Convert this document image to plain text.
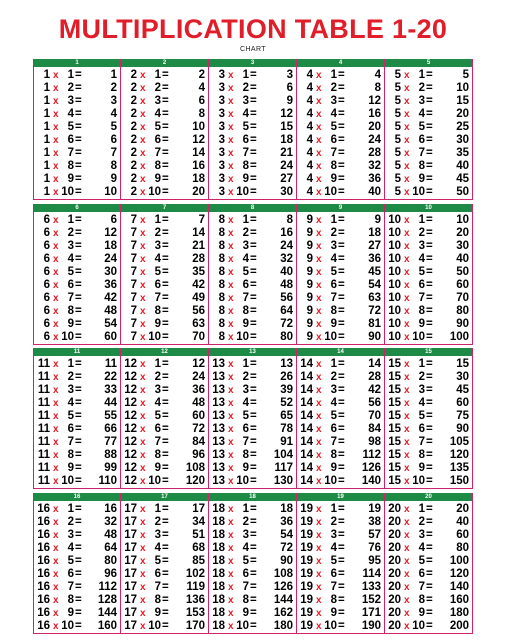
MULTIPLICATION TABLE 1-20
CHART
1
1 x 1 =	1
1 x 2 =	2
1 x 3 =	3
1 x 4 =	4
1 x 5 =	5
1 x 6 =	6
1 x 7 =	7
1 x 8 =	8
1 x 9 =	9
1 x 10 = 10
2
2 x 1 =	2
2 x 2 =	4
2 x 3 =	6
2 x 4 =	8
2 x 5 = 10
2 x 6 = 12
2 x 7 = 14
2 x 8 = 16
2 x 9 = 18
2 x 10 = 20
3
3 x 1 =	3
3 x 2 =	6
3 x 3 =	9
3 x 4 = 12
3 x 5 = 15
3 x 6 = 18
3 x 7 = 21
3 x 8 = 24
3 x 9 = 27
3 x 10 = 30
4
4 x 1 =	4
4 x 2 =	8
4 x 3 = 12
4 x 4 = 16
4 x 5 = 20
4 x 6 = 24
4 x 7 = 28
4 x 8 = 32
4 x 9 = 36
4 x 10 = 40
5
5 x 1 =	5
5 x 2 = 10
5 x 3 = 15
5 x 4 = 20
5 x 5 = 25
5 x 6 = 30
5 x 7 = 35
5 x 8 = 40
5 x 9 = 45
5 x 10 = 50
6
6 x 1 =	6
6 x 2 = 12
6 x 3 = 18
6 x 4 = 24
6 x 5 = 30
6 x 6 = 36
6 x 7 = 42
6 x 8 = 48
6 x 9 = 54
6 x 10 = 60
7
7 x 1 =	7
7 x 2 = 14
7 x 3 = 21
7 x 4 = 28
7 x 5 = 35
7 x 6 = 42
7 x 7 = 49
7 x 8 = 56
7 x 9 = 63
7 x 10 = 70
8
8 x 1 =	8
8 x 2 = 16
8 x 3 = 24
8 x 4 = 32
8 x 5 = 40
8 x 6 = 48
8 x 7 = 56
8 x 8 = 64
8 x 9 = 72
8 x 10 = 80
9
9 x 1 =	9
9 x 2 = 18
9 x 3 = 27
9 x 4 = 36
9 x 5 = 45
9 x 6 = 54
9 x 7 = 63
9 x 8 = 72
9 x 9 = 81
9 x 10 = 90
10
10 x 1 = 10
10 x 2 = 20
10 x 3 = 30
10 x 4 = 40
10 x 5 = 50
10 x 6 = 60
10 x 7 = 70
10 x 8 = 80
10 x 9 = 90
10 x 10 = 100
11
11 x 1 = 11
11 x 2 = 22
11 x 3 = 33
11 x 4 = 44
11 x 5 = 55
11 x 6 = 66
11 x 7 = 77
11 x 8 = 88
11 x 9 = 99
11 x 10 = 110
12
12 x 1 = 12
12 x 2 = 24
12 x 3 = 36
12 x 4 = 48
12 x 5 = 60
12 x 6 = 72
12 x 7 = 84
12 x 8 = 96
12 x 9 = 108
12 x 10 = 120
13
13 x 1 = 13
13 x 2 = 26
13 x 3 = 39
13 x 4 = 52
13 x 5 = 65
13 x 6 = 78
13 x 7 = 91
13 x 8 = 104
13 x 9 = 117
13 x 10 = 130
14
14 x 1 = 14
14 x 2 = 28
14 x 3 = 42
14 x 4 = 56
14 x 5 = 70
14 x 6 = 84
14 x 7 = 98
14 x 8 = 112
14 x 9 = 126
14 x 10 = 140
15
15 x 1 = 15
15 x 2 = 30
15 x 3 = 45
15 x 4 = 60
15 x 5 = 75
15 x 6 = 90
15 x 7 = 105
15 x 8 = 120
15 x 9 = 135
15 x 10 = 150
16
16 x 1 = 16
16 x 2 = 32
16 x 3 = 48
16 x 4 = 64
16 x 5 = 80
16 x 6 = 96
16 x 7 = 112
16 x 8 = 128
16 x 9 = 144
16 x 10 = 160
17
17 x 1 = 17
17 x 2 = 34
17 x 3 = 51
17 x 4 = 68
17 x 5 = 85
17 x 6 = 102
17 x 7 = 119
17 x 8 = 136
17 x 9 = 153
17 x 10 = 170
18
18 x 1 = 18
18 x 2 = 36
18 x 3 = 54
18 x 4 = 72
18 x 5 = 90
18 x 6 = 108
18 x 7 = 126
18 x 8 = 144
18 x 9 = 162
18 x 10 = 180
19
19 x 1 = 19
19 x 2 = 38
19 x 3 = 57
19 x 4 = 76
19 x 5 = 95
19 x 6 = 114
19 x 7 = 133
19 x 8 = 152
19 x 9 = 171
19 x 10 = 190
20
20 x 1 = 20
20 x 2 = 40
20 x 3 = 60
20 x 4 = 80
20 x 5 = 100
20 x 6 = 120
20 x 7 = 140
20 x 8 = 160
20 x 9 = 180
20 x 10 = 200
